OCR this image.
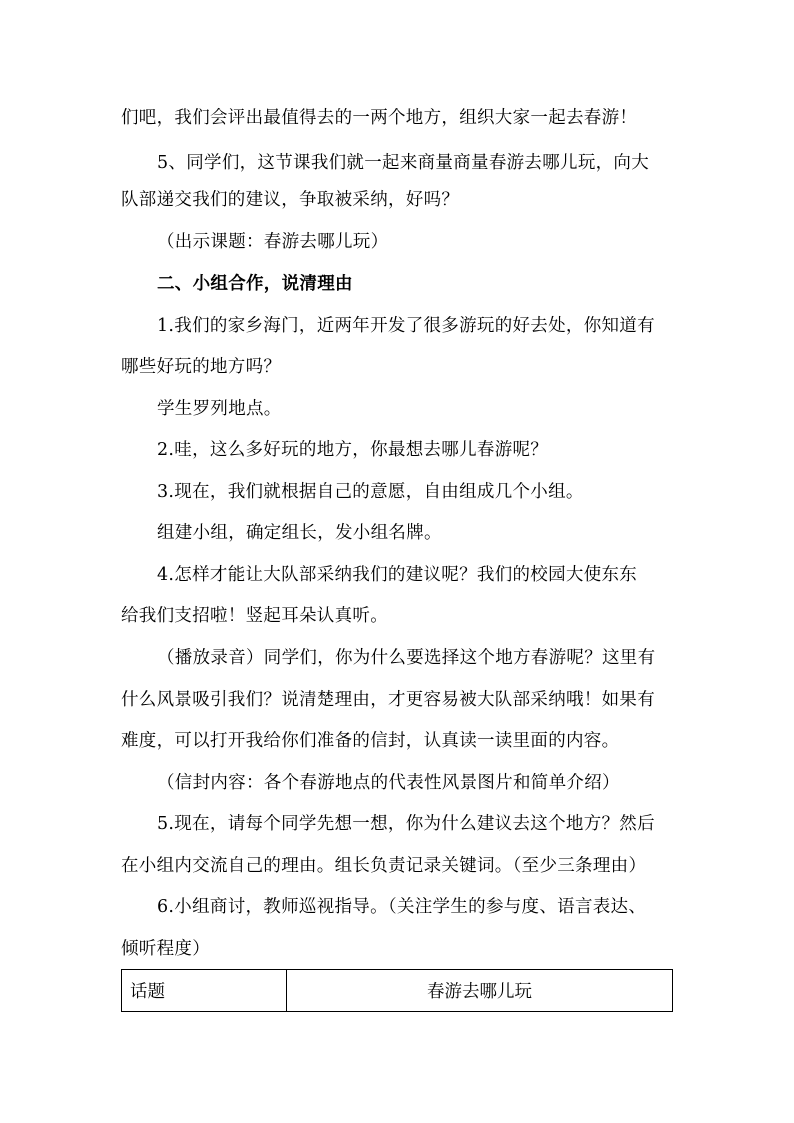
们吧，我们会评出最值得去的一两个地方，组织大家一起去春游！
5、同学们，这节课我们就一起来商量商量春游去哪儿玩，向大
队部递交我们的建议，争取被采纳，好吗？
（出示课题：春游去哪儿玩）
二、小组合作，说清理由
1.我们的家乡海门，近两年开发了很多游玩的好去处，你知道有
哪些好玩的地方吗？
学生罗列地点。
2.哇，这么多好玩的地方，你最想去哪儿春游呢？
3.现在，我们就根据自己的意愿，自由组成几个小组。
组建小组，确定组长，发小组名牌。
4.怎样才能让大队部采纳我们的建议呢？我们的校园大使东东
给我们支招啦！竖起耳朵认真听。
（播放录音）同学们，你为什么要选择这个地方春游呢？这里有
什么风景吸引我们？说清楚理由，才更容易被大队部采纳哦！如果有
难度，可以打开我给你们准备的信封，认真读一读里面的内容。
（信封内容：各个春游地点的代表性风景图片和简单介绍）
5.现在，请每个同学先想一想，你为什么建议去这个地方？然后
在小组内交流自己的理由。组长负责记录关键词。（至少三条理由）
6.小组商讨，教师巡视指导。（关注学生的参与度、语言表达、
倾听程度）
话题	春游去哪儿玩
